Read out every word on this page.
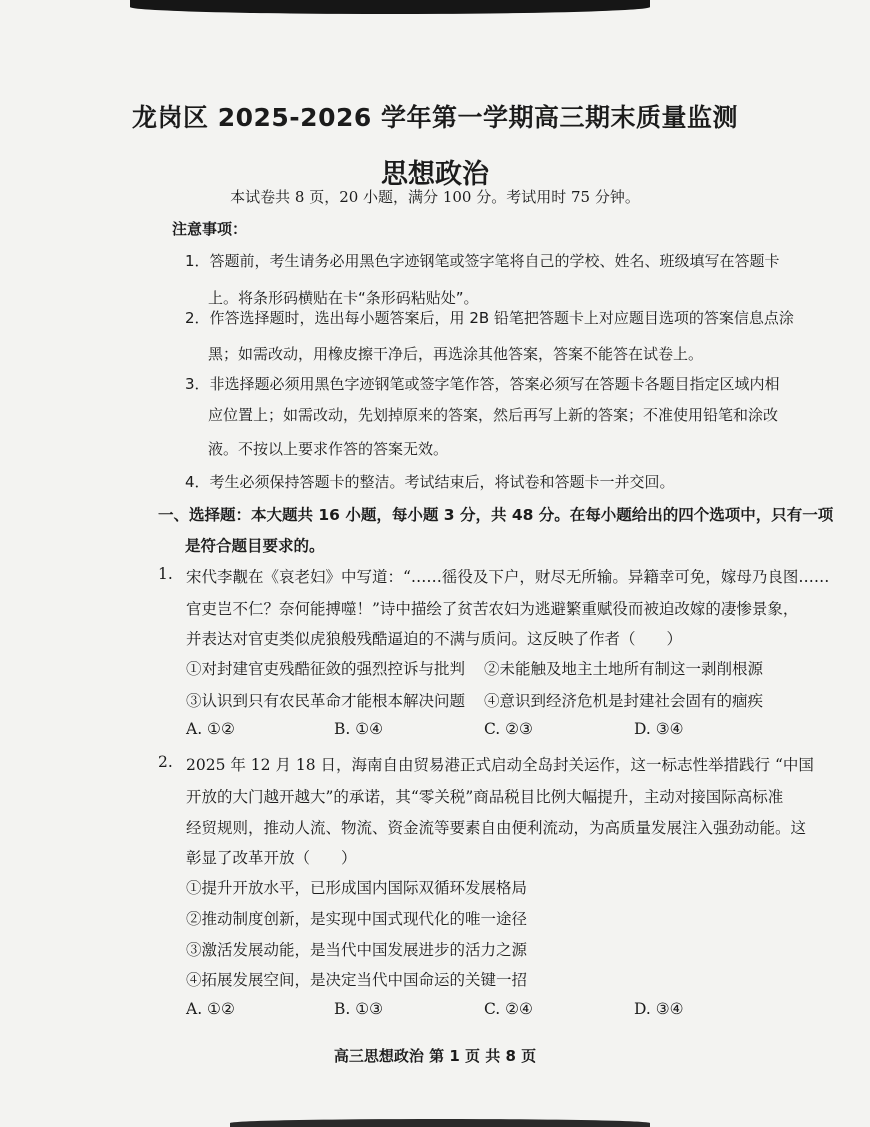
龙岗区 2025-2026 学年第一学期高三期末质量监测
思想政治
本试卷共 8 页，20 小题，满分 100 分。考试用时 75 分钟。
注意事项：
1．答题前，考生请务必用黑色字迹钢笔或签字笔将自己的学校、姓名、班级填写在答题卡
上。将条形码横贴在卡“条形码粘贴处”。
2．作答选择题时，选出每小题答案后，用 2B 铅笔把答题卡上对应题目选项的答案信息点涂
黑；如需改动，用橡皮擦干净后，再选涂其他答案，答案不能答在试卷上。
3．非选择题必须用黑色字迹钢笔或签字笔作答，答案必须写在答题卡各题目指定区域内相
应位置上；如需改动，先划掉原来的答案，然后再写上新的答案；不准使用铅笔和涂改
液。不按以上要求作答的答案无效。
4．考生必须保持答题卡的整洁。考试结束后，将试卷和答题卡一并交回。
一、选择题：本大题共 16 小题，每小题 3 分，共 48 分。在每小题给出的四个选项中，只有一项
是符合题目要求的。
1. 宋代李觏在《哀老妇》中写道：“……徭役及下户，财尽无所输。异籍幸可免，嫁母乃良图……
官吏岂不仁？奈何能搏噬！”诗中描绘了贫苦农妇为逃避繁重赋役而被迫改嫁的凄惨景象，
并表达对官吏类似虎狼般残酷逼迫的不满与质问。这反映了作者（　　）
①对封建官吏残酷征敛的强烈控诉与批判 ②未能触及地主土地所有制这一剥削根源
③认识到只有农民革命才能根本解决问题 ④意识到经济危机是封建社会固有的痼疾
A. ①②	B. ①④	C. ②③	D. ③④
2. 2025 年 12 月 18 日，海南自由贸易港正式启动全岛封关运作，这一标志性举措践行 “中国
开放的大门越开越大”的承诺，其“零关税”商品税目比例大幅提升，主动对接国际高标准
经贸规则，推动人流、物流、资金流等要素自由便利流动，为高质量发展注入强劲动能。这
彰显了改革开放（　　）
①提升开放水平，已形成国内国际双循环发展格局
②推动制度创新，是实现中国式现代化的唯一途径
③激活发展动能，是当代中国发展进步的活力之源
④拓展发展空间，是决定当代中国命运的关键一招
A. ①②	B. ①③	C. ②④	D. ③④
高三思想政治 第 1 页 共 8 页
